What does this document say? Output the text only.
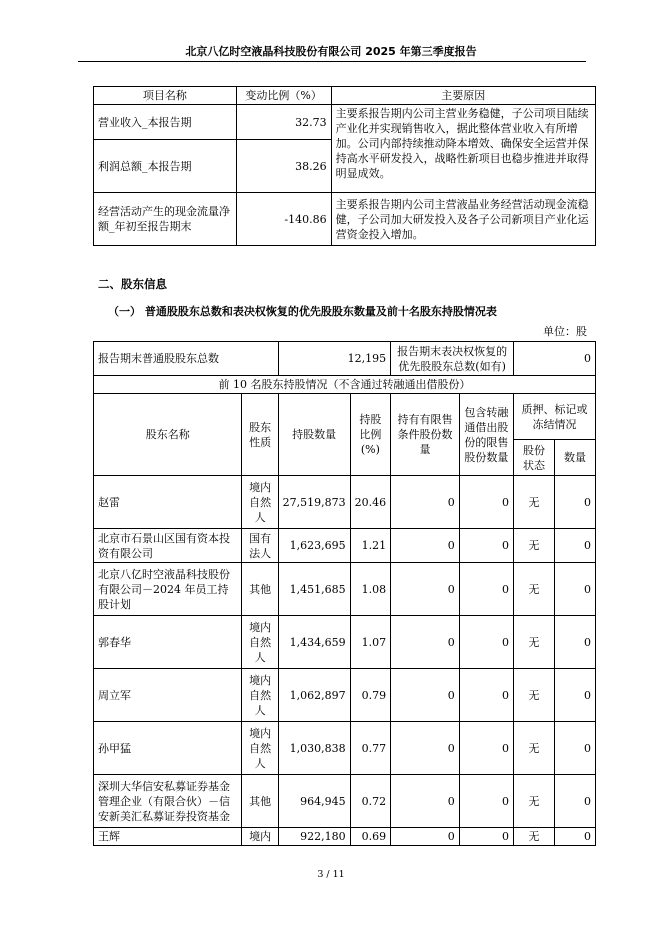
北京八亿时空液晶科技股份有限公司 2025 年第三季度报告
项目名称	变动比例（%）	主要原因
营业收入_本报告期	32.73	主要系报告期内公司主营业务稳健，子公司项目陆续产业化并实现销售收入，据此整体营业收入有所增加。公司内部持续推动降本增效、确保安全运营并保持高水平研发投入，战略性新项目也稳步推进并取得明显成效。
利润总额_本报告期	38.26	
经营活动产生的现金流量净额_年初至报告期末	-140.86	主要系报告期内公司主营液晶业务经营活动现金流稳健，子公司加大研发投入及各子公司新项目产业化运营资金投入增加。
二、股东信息
（一） 普通股股东总数和表决权恢复的优先股股东数量及前十名股东持股情况表
单位：股
报告期末普通股股东总数		12,195		报告期末表决权恢复的优先股股东总数(如有)		0	
前 10 名股东持股情况（不含通过转融通出借股份）							
股东名称	股东性质	持股数量	持股比例(%)	持有有限售条件股份数量	包含转融通借出股份的限售股份数量	质押、标记或冻结情况	
						股份状态	数量
赵雷	境内自然人	27,519,873	20.46	0	0	无	0
北京市石景山区国有资本投资有限公司	国有法人	1,623,695	1.21	0	0	无	0
北京八亿时空液晶科技股份有限公司－2024 年员工持股计划	其他	1,451,685	1.08	0	0	无	0
郭春华	境内自然人	1,434,659	1.07	0	0	无	0
周立军	境内自然人	1,062,897	0.79	0	0	无	0
孙甲猛	境内自然人	1,030,838	0.77	0	0	无	0
深圳大华信安私募证券基金管理企业（有限合伙）－信安新美汇私募证券投资基金	其他	964,945	0.72	0	0	无	0
王辉	境内	922,180	0.69	0	0	无	0
3 / 11
